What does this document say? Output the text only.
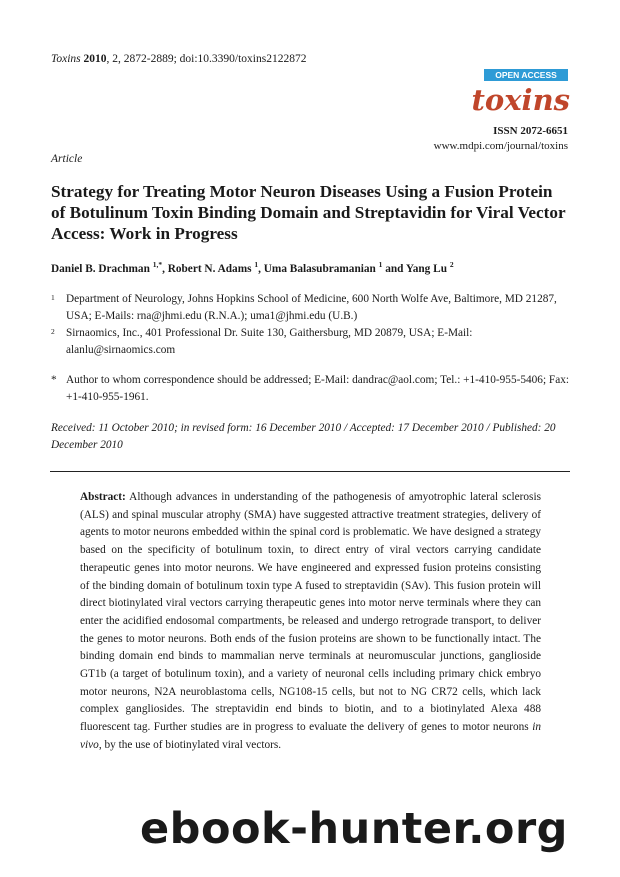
Toxins 2010, 2, 2872-2889; doi:10.3390/toxins2122872
OPEN ACCESS
toxins
ISSN 2072-6651
www.mdpi.com/journal/toxins
Article
Strategy for Treating Motor Neuron Diseases Using a Fusion Protein of Botulinum Toxin Binding Domain and Streptavidin for Viral Vector Access: Work in Progress
Daniel B. Drachman $^{1,*}$, Robert N. Adams $^1$, Uma Balasubramanian $^1$ and Yang Lu $^2$
1 Department of Neurology, Johns Hopkins School of Medicine, 600 North Wolfe Ave, Baltimore, MD 21287, USA; E-Mails: rna@jhmi.edu (R.N.A.); uma1@jhmi.edu (U.B.)
2 Sirnaomics, Inc., 401 Professional Dr. Suite 130, Gaithersburg, MD 20879, USA; E-Mail: alanlu@sirnaomics.com
* Author to whom correspondence should be addressed; E-Mail: dandrac@aol.com; Tel.: +1-410-955-5406; Fax: +1-410-955-1961.
Received: 11 October 2010; in revised form: 16 December 2010 / Accepted: 17 December 2010 / Published: 20 December 2010
Abstract: Although advances in understanding of the pathogenesis of amyotrophic lateral sclerosis (ALS) and spinal muscular atrophy (SMA) have suggested attractive treatment strategies, delivery of agents to motor neurons embedded within the spinal cord is problematic. We have designed a strategy based on the specificity of botulinum toxin, to direct entry of viral vectors carrying candidate therapeutic genes into motor neurons. We have engineered and expressed fusion proteins consisting of the binding domain of botulinum toxin type A fused to streptavidin (SAv). This fusion protein will direct biotinylated viral vectors carrying therapeutic genes into motor nerve terminals where they can enter the acidified endosomal compartments, be released and undergo retrograde transport, to deliver the genes to motor neurons. Both ends of the fusion proteins are shown to be functionally intact. The binding domain end binds to mammalian nerve terminals at neuromuscular junctions, ganglioside GT1b (a target of botulinum toxin), and a variety of neuronal cells including primary chick embryo motor neurons, N2A neuroblastoma cells, NG108-15 cells, but not to NG CR72 cells, which lack complex gangliosides. The streptavidin end binds to biotin, and to a biotinylated Alexa 488 fluorescent tag. Further studies are in progress to evaluate the delivery of genes to motor neurons in vivo, by the use of biotinylated viral vectors.
ebook-hunter.org
